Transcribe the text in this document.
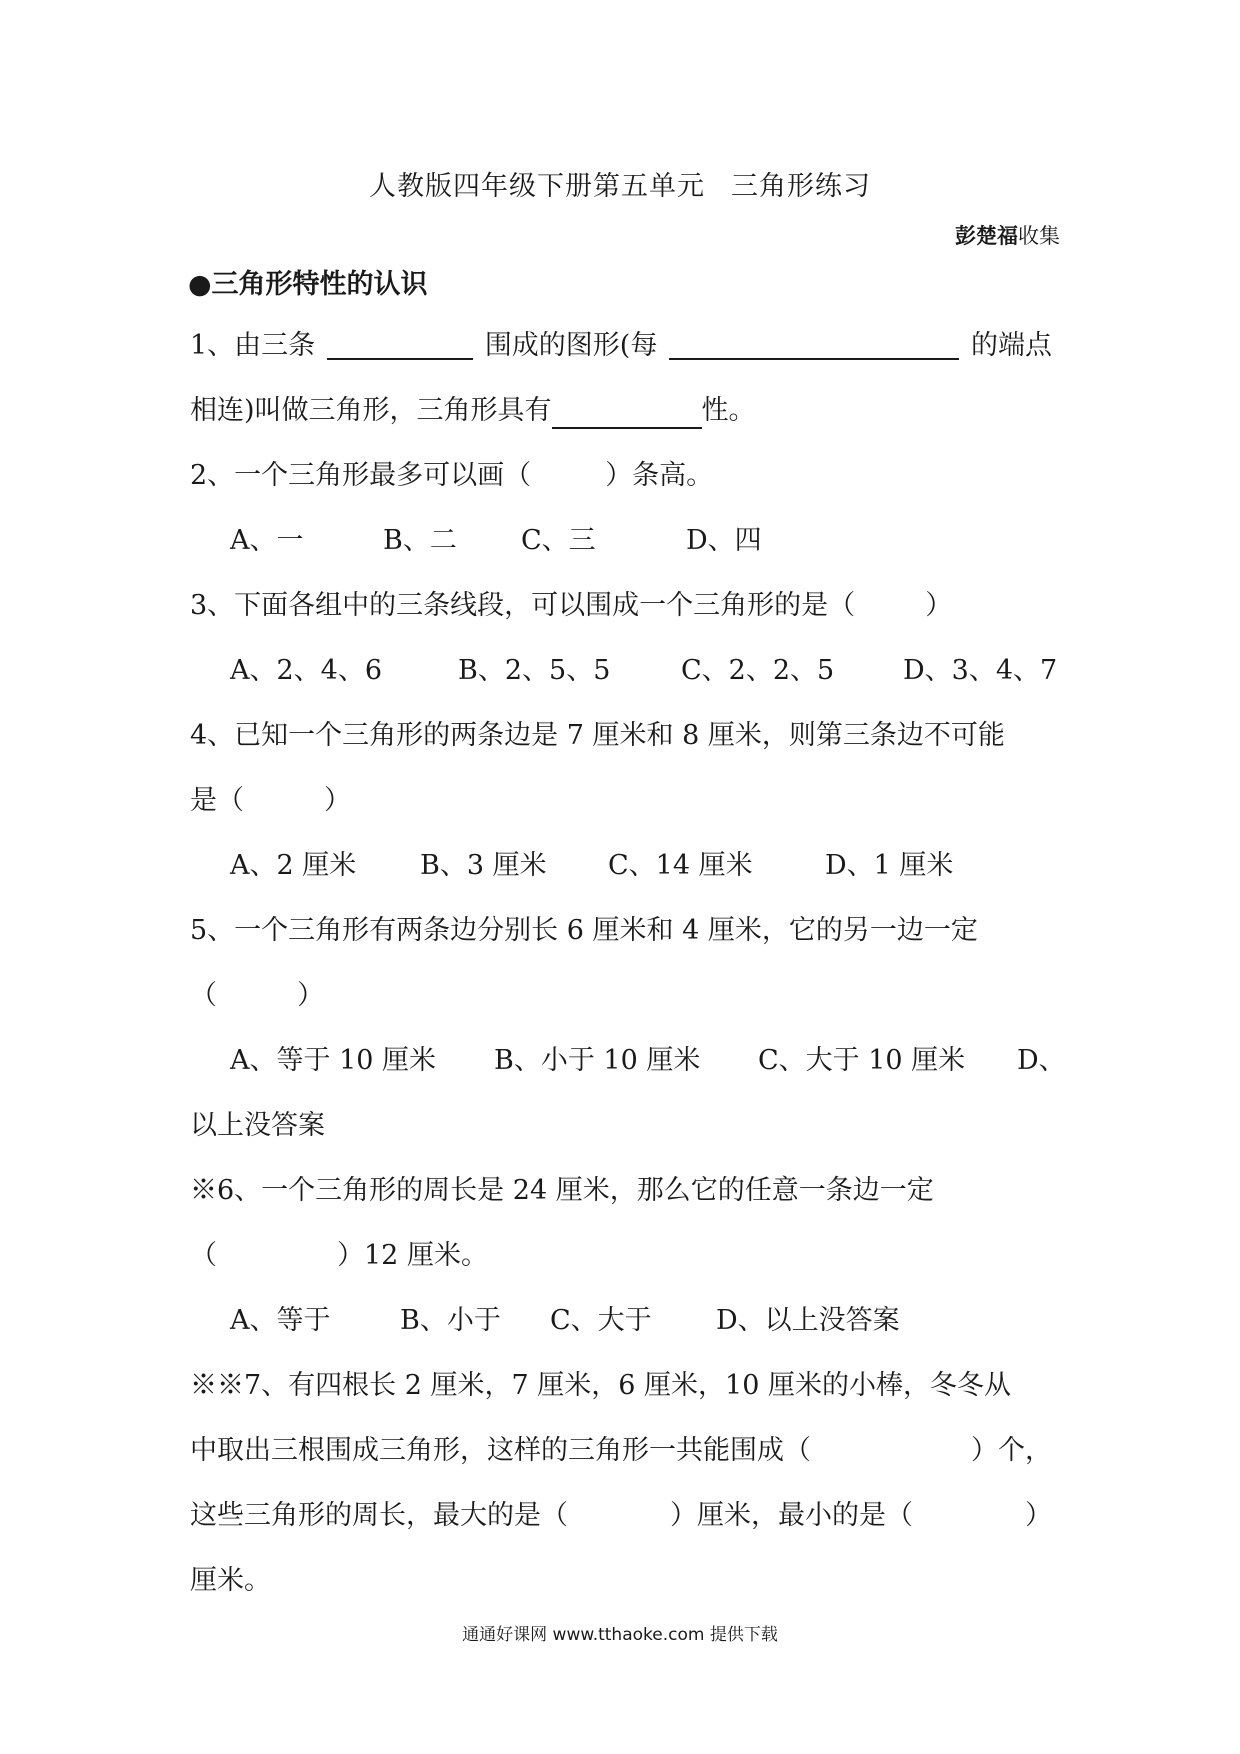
人教版四年级下册第五单元 三角形练习
彭楚福收集
●三角形特性的认识
1、由三条	围成的图形(每	的端点
相连)叫做三角形，三角形具有	性。
2、一个三角形最多可以画（	）条高。
A、一	B、二 C、三	D、四
3、下面各组中的三条线段，可以围成一个三角形的是（	）
A、2、4、6	B、2、5、5	C、2、2、5	D、3、4、7
4、已知一个三角形的两条边是 7 厘米和 8 厘米，则第三条边不可能
是（	）
A、2 厘米 B、3 厘米 C、14 厘米	D、1 厘米
5、一个三角形有两条边分别长 6 厘米和 4 厘米，它的另一边一定
（	）
A、等于 10 厘米 B、小于 10 厘米 C、大于 10 厘米 D、
以上没答案
※6、一个三角形的周长是 24 厘米，那么它的任意一条边一定
（	）12 厘米。
A、等于	B、小于 C、大于 D、以上没答案
※※7、有四根长 2 厘米，7 厘米，6 厘米，10 厘米的小棒，冬冬从
中取出三根围成三角形，这样的三角形一共能围成（	）个，
这些三角形的周长，最大的是（	）厘米，最小的是（	）
厘米。
通通好课网 www.tthaoke.com 提供下载
